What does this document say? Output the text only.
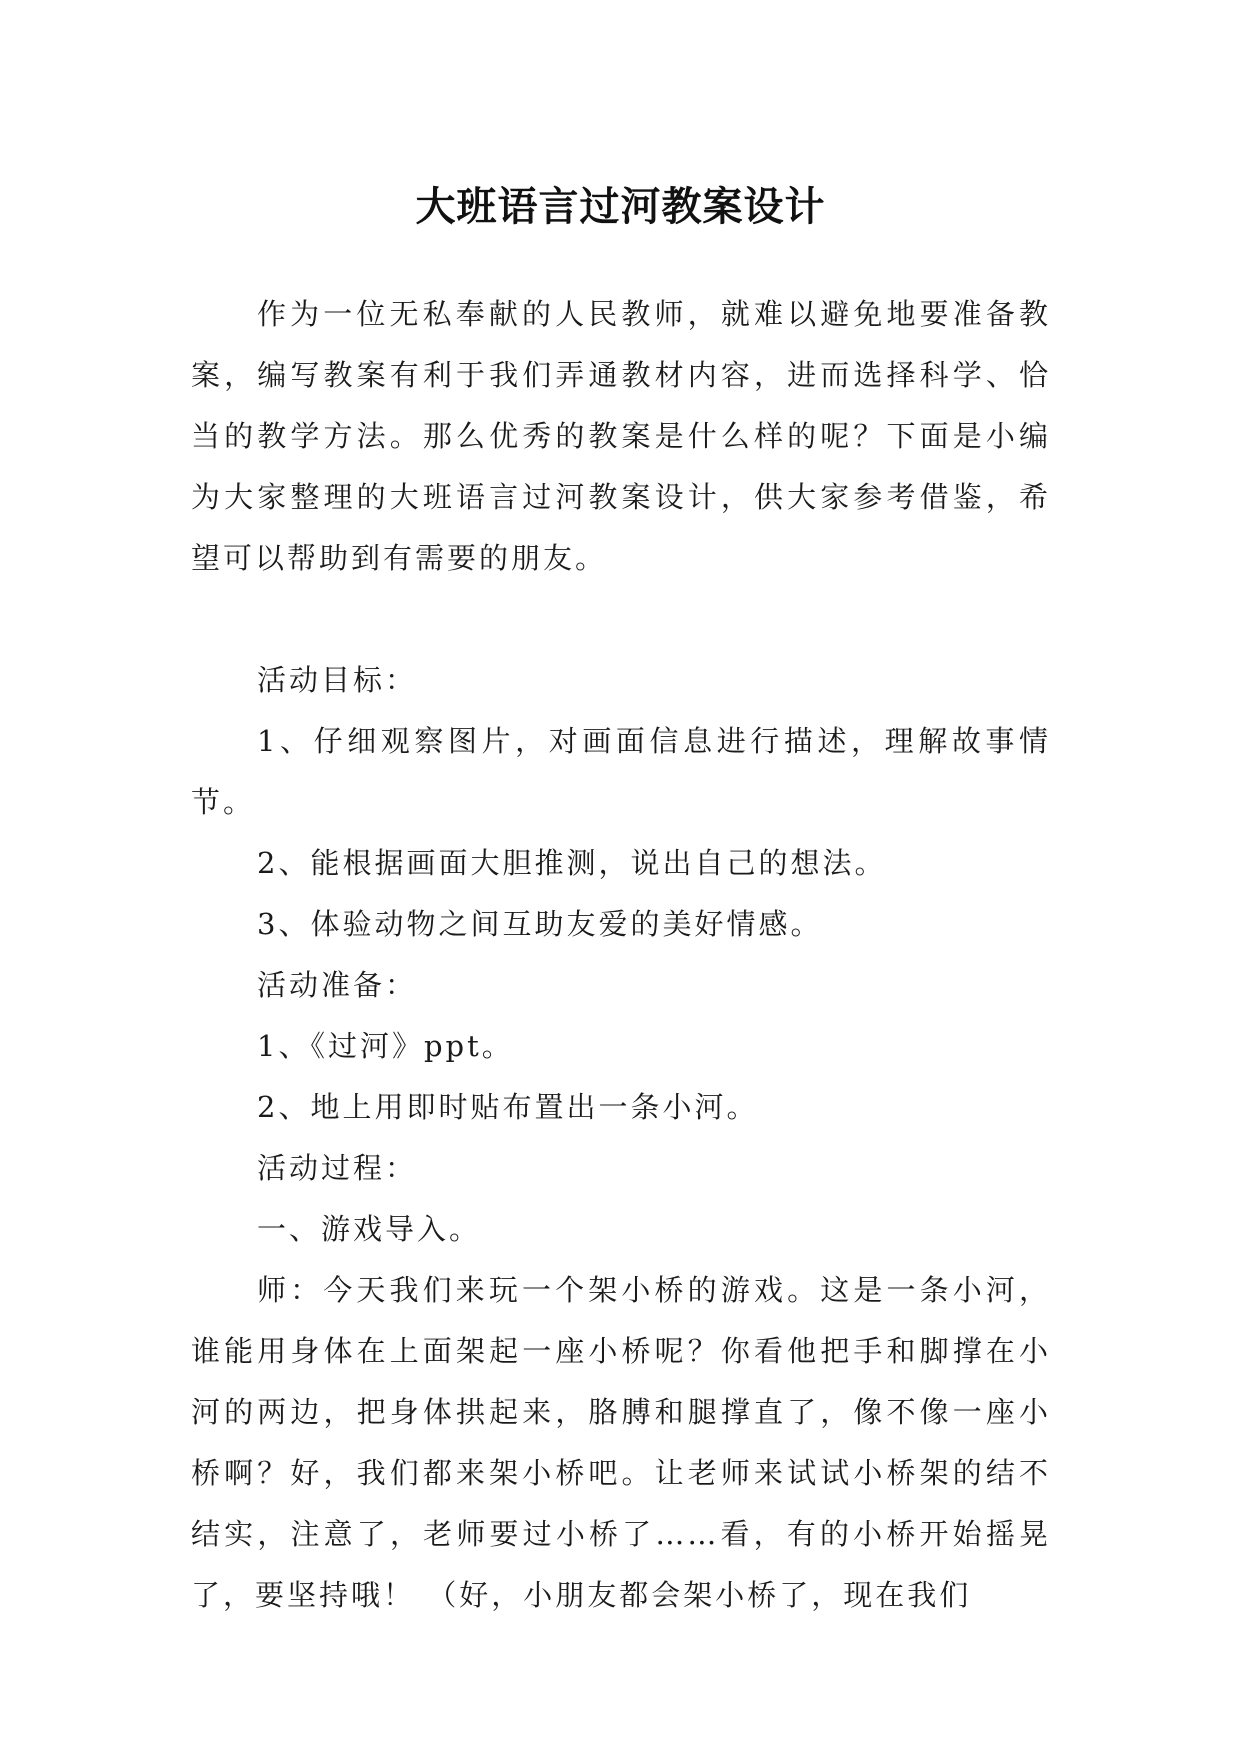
大班语言过河教案设计

作为一位无私奉献的人民教师，就难以避免地要准备教案，编写教案有利于我们弄通教材内容，进而选择科学、恰当的教学方法。那么优秀的教案是什么样的呢？下面是小编为大家整理的大班语言过河教案设计，供大家参考借鉴，希望可以帮助到有需要的朋友。

活动目标：

1、仔细观察图片，对画面信息进行描述，理解故事情节。

2、能根据画面大胆推测，说出自己的想法。

3、体验动物之间互助友爱的美好情感。

活动准备：

1、《过河》ppt。

2、地上用即时贴布置出一条小河。

活动过程：

一、游戏导入。

师：今天我们来玩一个架小桥的游戏。这是一条小河，谁能用身体在上面架起一座小桥呢？你看他把手和脚撑在小河的两边，把身体拱起来，胳膊和腿撑直了，像不像一座小桥啊？好，我们都来架小桥吧。让老师来试试小桥架的结不结实，注意了，老师要过小桥了……看，有的小桥开始摇晃了，要坚持哦！ （好，小朋友都会架小桥了，现在我们
